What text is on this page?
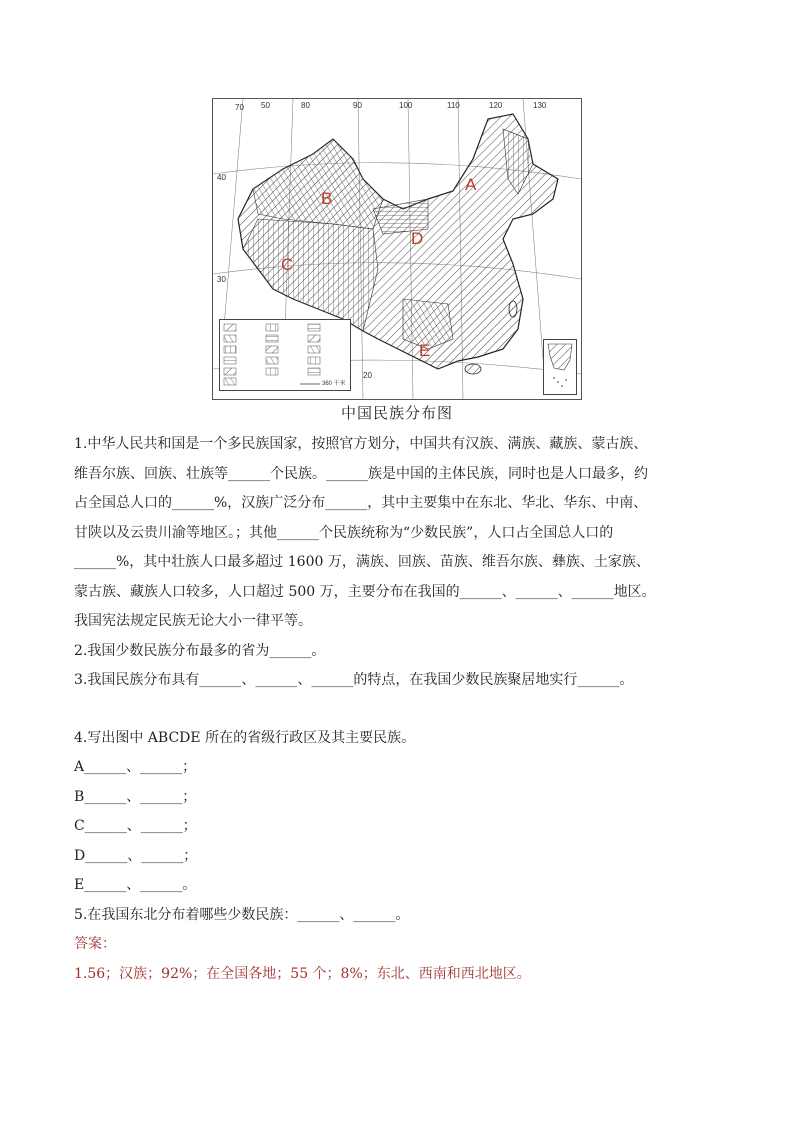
70 50	80	90	100	110	120	130
40
30
20
A
B
C
D
E
360 千米
中国民族分布图

1.中华人民共和国是一个多民族国家，按照官方划分，中国共有汉族、满族、藏族、蒙古族、

维吾尔族、回族、壮族等______个民族。______族是中国的主体民族，同时也是人口最多，约

占全国总人口的______%，汉族广泛分布______，其中主要集中在东北、华北、华东、中南、

甘陕以及云贵川渝等地区。；其他______个民族统称为“少数民族”，人口占全国总人口的

______%，其中壮族人口最多超过 1600 万，满族、回族、苗族、维吾尔族、彝族、土家族、

蒙古族、藏族人口较多，人口超过 500 万，主要分布在我国的______、______、______地区。

我国宪法规定民族无论大小一律平等。

2.我国少数民族分布最多的省为______。

3.我国民族分布具有______、______、______的特点，在我国少数民族聚居地实行______。

4.写出图中 ABCDE 所在的省级行政区及其主要民族。

A______、______；

B______、______；

C______、______；

D______、______；

E______、______。

5.在我国东北分布着哪些少数民族：______、______。

答案：

1.56；汉族；92%；在全国各地；55 个；8%；东北、西南和西北地区。
